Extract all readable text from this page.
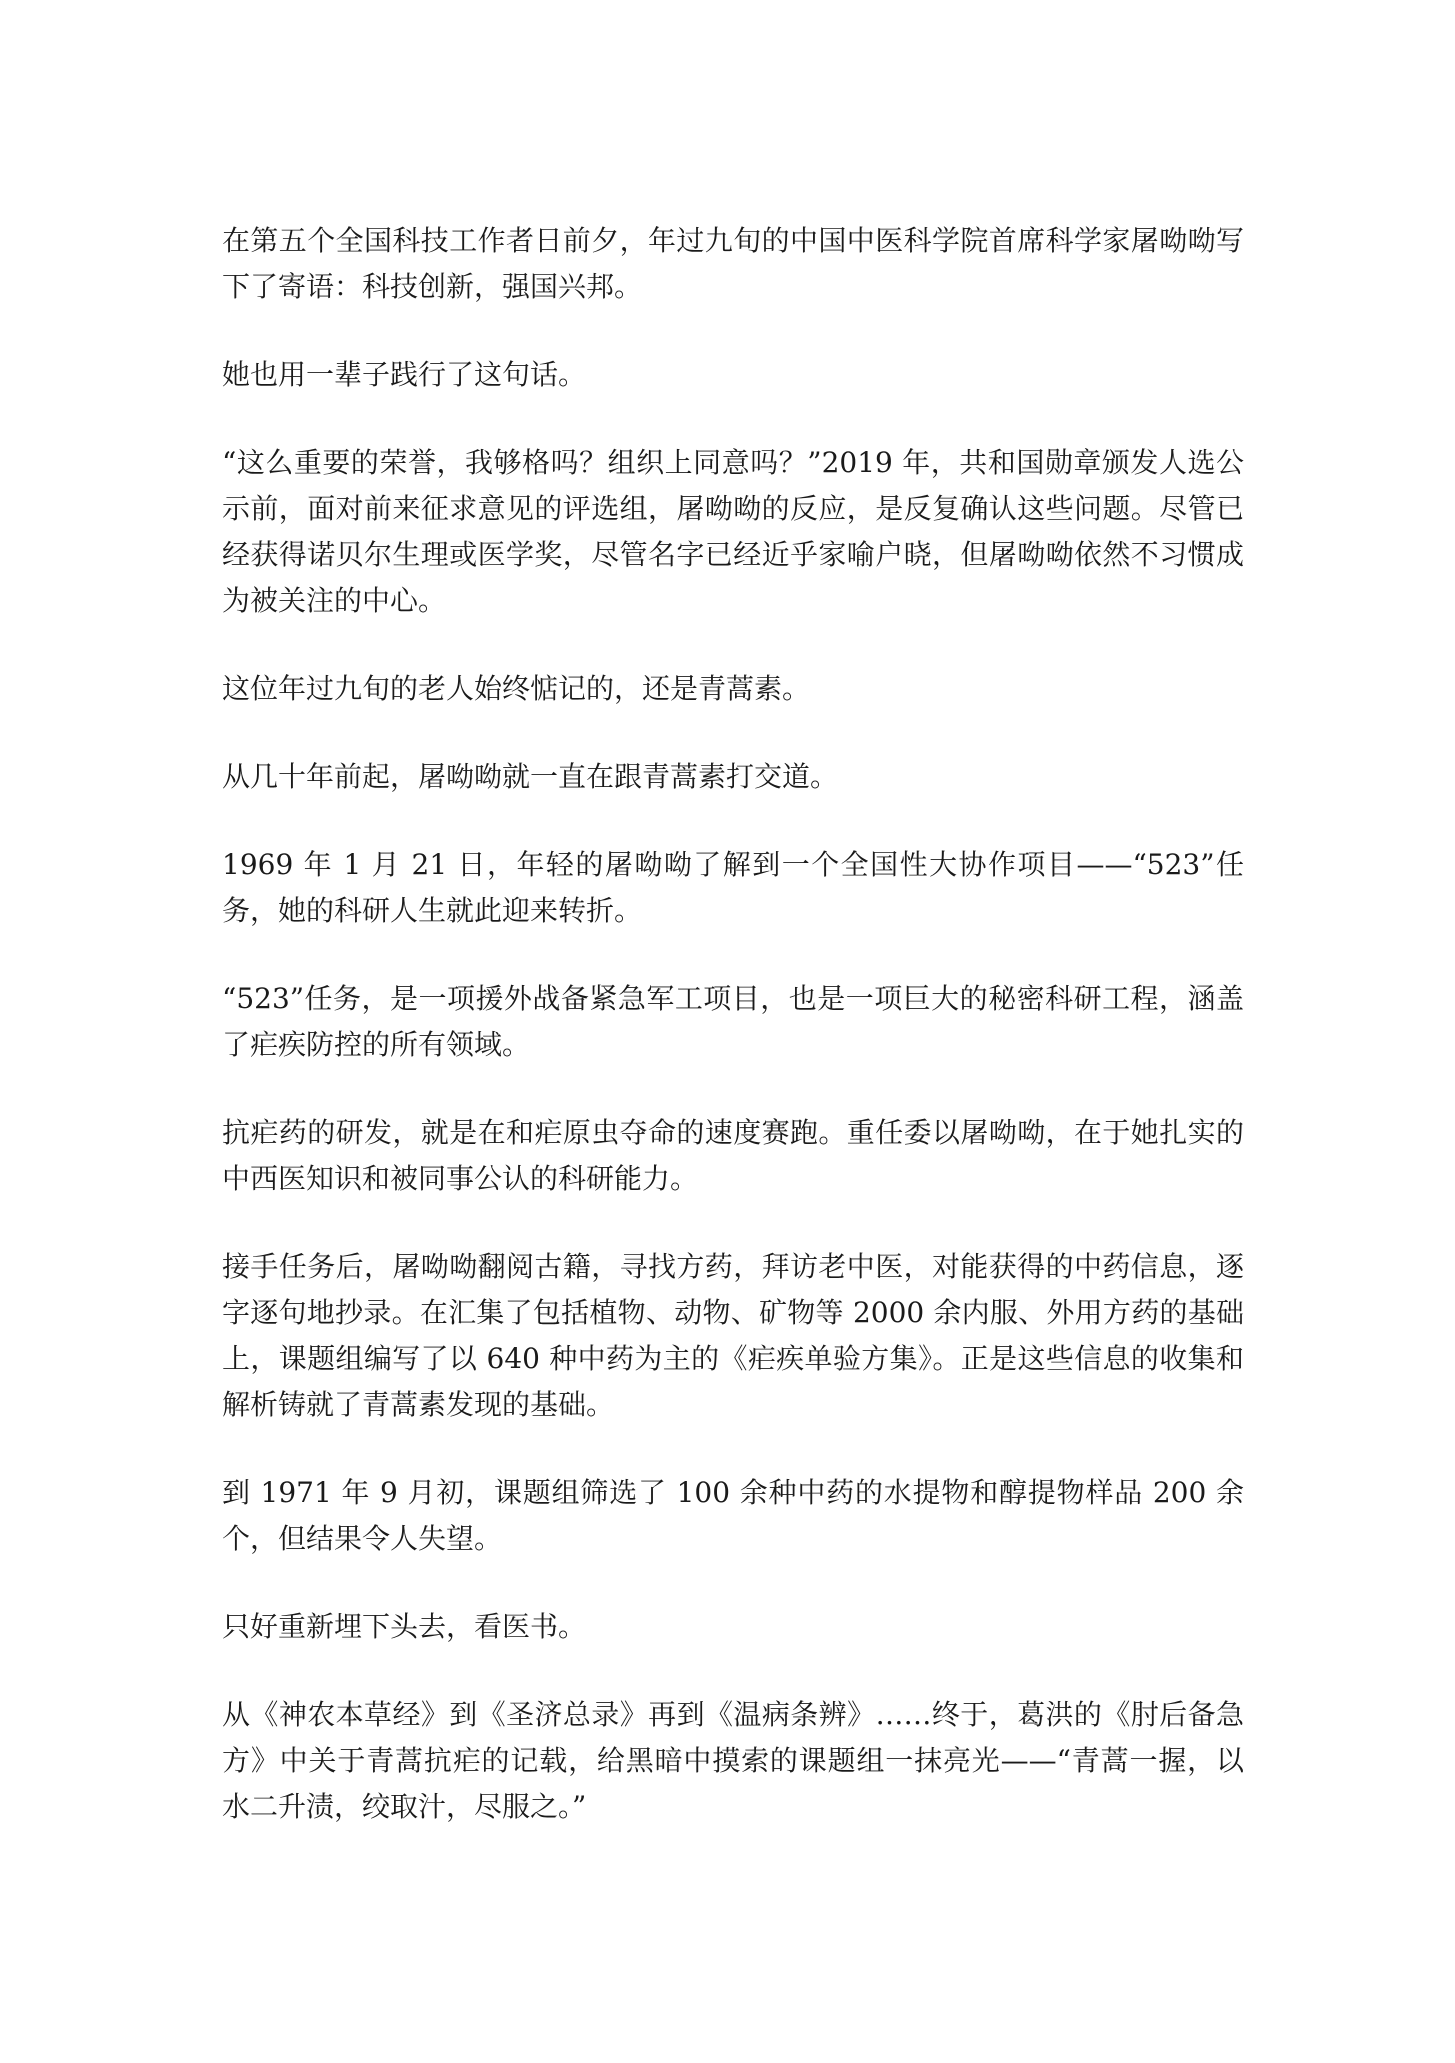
在第五个全国科技工作者日前夕，年过九旬的中国中医科学院首席科学家屠呦呦写下了寄语：科技创新，强国兴邦。

她也用一辈子践行了这句话。

“这么重要的荣誉，我够格吗？组织上同意吗？”2019 年，共和国勋章颁发人选公示前，面对前来征求意见的评选组，屠呦呦的反应，是反复确认这些问题。尽管已经获得诺贝尔生理或医学奖，尽管名字已经近乎家喻户晓，但屠呦呦依然不习惯成为被关注的中心。

这位年过九旬的老人始终惦记的，还是青蒿素。

从几十年前起，屠呦呦就一直在跟青蒿素打交道。

1969 年 1 月 21 日，年轻的屠呦呦了解到一个全国性大协作项目——“523”任务，她的科研人生就此迎来转折。

“523”任务，是一项援外战备紧急军工项目，也是一项巨大的秘密科研工程，涵盖了疟疾防控的所有领域。

抗疟药的研发，就是在和疟原虫夺命的速度赛跑。重任委以屠呦呦，在于她扎实的中西医知识和被同事公认的科研能力。

接手任务后，屠呦呦翻阅古籍，寻找方药，拜访老中医，对能获得的中药信息，逐字逐句地抄录。在汇集了包括植物、动物、矿物等 2000 余内服、外用方药的基础上，课题组编写了以 640 种中药为主的《疟疾单验方集》。正是这些信息的收集和解析铸就了青蒿素发现的基础。

到 1971 年 9 月初，课题组筛选了 100 余种中药的水提物和醇提物样品 200 余个，但结果令人失望。

只好重新埋下头去，看医书。

从《神农本草经》到《圣济总录》再到《温病条辨》……终于，葛洪的《肘后备急方》中关于青蒿抗疟的记载，给黑暗中摸索的课题组一抹亮光——“青蒿一握，以水二升渍，绞取汁，尽服之。”
